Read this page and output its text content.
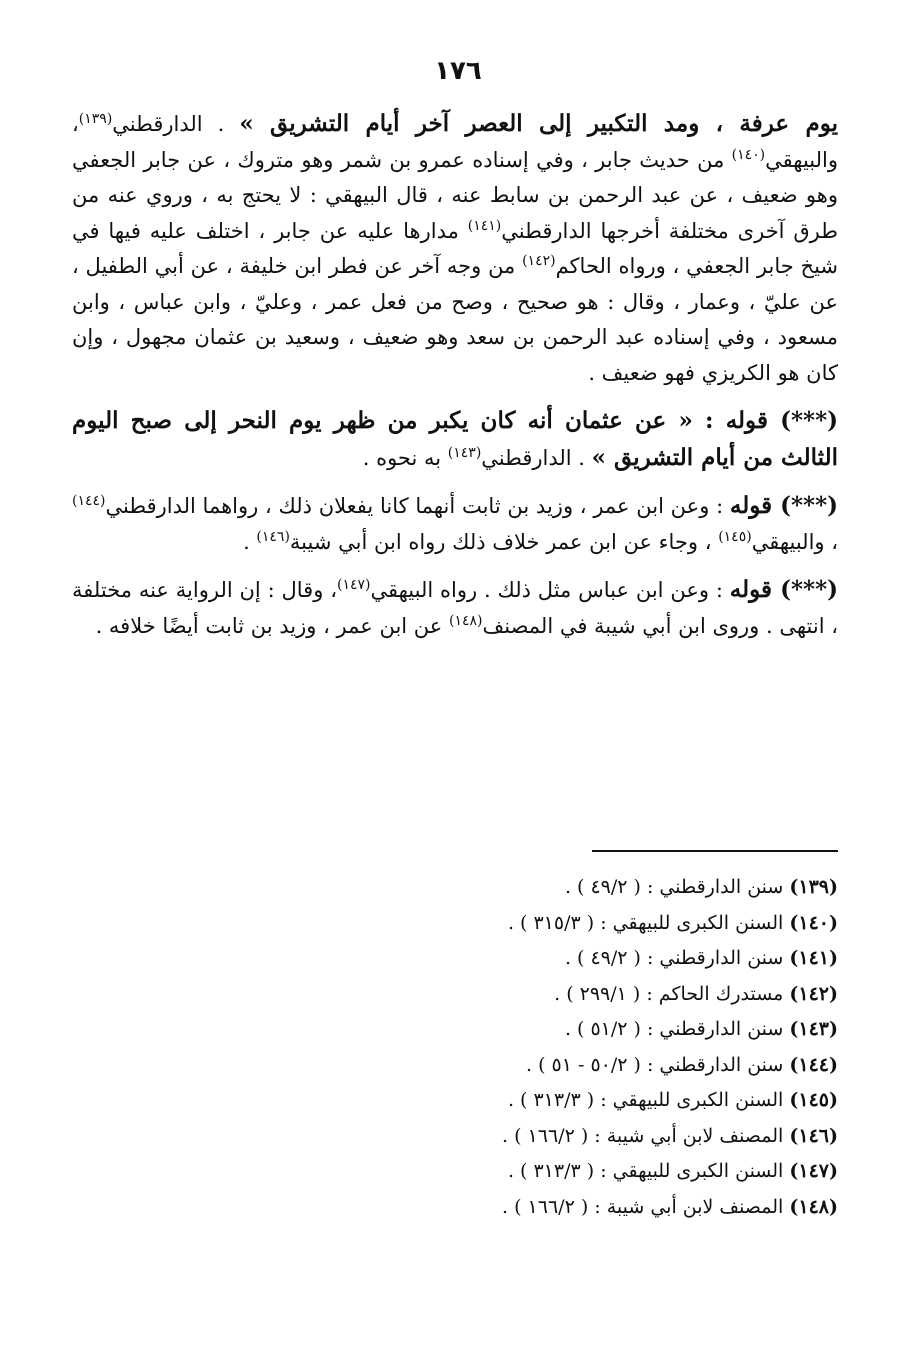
١٧٦

يوم عرفة ، ومد التكبير إلى العصر آخر أيام التشريق » . الدارقطني$^{(١٣٩)}$، والبيهقي$^{(١٤٠)}$ من حديث جابر ، وفي إسناده عمرو بن شمر وهو متروك ، عن جابر الجعفي وهو ضعيف ، عن عبد الرحمن بن سابط عنه ، قال البيهقي : لا يحتج به ، وروي عنه من طرق آخرى مختلفة أخرجها الدارقطني$^{(١٤١)}$ مدارها عليه عن جابر ، اختلف عليه فيها في شيخ جابر الجعفي ، ورواه الحاكم$^{(١٤٢)}$ من وجه آخر عن فطر ابن خليفة ، عن أبي الطفيل ، عن عليّ ، وعمار ، وقال : هو صحيح ، وصح من فعل عمر ، وعليّ ، وابن عباس ، وابن مسعود ، وفي إسناده عبد الرحمن بن سعد وهو ضعيف ، وسعيد بن عثمان مجهول ، وإن كان هو الكريزي فهو ضعيف .

(***) قوله : « عن عثمان أنه كان يكبر من ظهر يوم النحر إلى صبح اليوم الثالث من أيام التشريق » . الدارقطني$^{(١٤٣)}$ به نحوه .

(***) قوله : وعن ابن عمر ، وزيد بن ثابت أنهما كانا يفعلان ذلك ، رواهما الدارقطني$^{(١٤٤)}$ ، والبيهقي$^{(١٤٥)}$ ، وجاء عن ابن عمر خلاف ذلك رواه ابن أبي شيبة$^{(١٤٦)}$ .

(***) قوله : وعن ابن عباس مثل ذلك . رواه البيهقي$^{(١٤٧)}$، وقال : إن الرواية عنه مختلفة ، انتهى . وروى ابن أبي شيبة في المصنف$^{(١٤٨)}$ عن ابن عمر ، وزيد بن ثابت أيضًا خلافه .

(١٣٩) سنن الدارقطني : ( ٤٩/٢ ) .
(١٤٠) السنن الكبرى للبيهقي : ( ٣١٥/٣ ) .
(١٤١) سنن الدارقطني : ( ٤٩/٢ ) .
(١٤٢) مستدرك الحاكم : ( ٢٩٩/١ ) .
(١٤٣) سنن الدارقطني : ( ٥١/٢ ) .
(١٤٤) سنن الدارقطني : ( ٥٠/٢ - ٥١ ) .
(١٤٥) السنن الكبرى للبيهقي : ( ٣١٣/٣ ) .
(١٤٦) المصنف لابن أبي شيبة : ( ١٦٦/٢ ) .
(١٤٧) السنن الكبرى للبيهقي : ( ٣١٣/٣ ) .
(١٤٨) المصنف لابن أبي شيبة : ( ١٦٦/٢ ) .
